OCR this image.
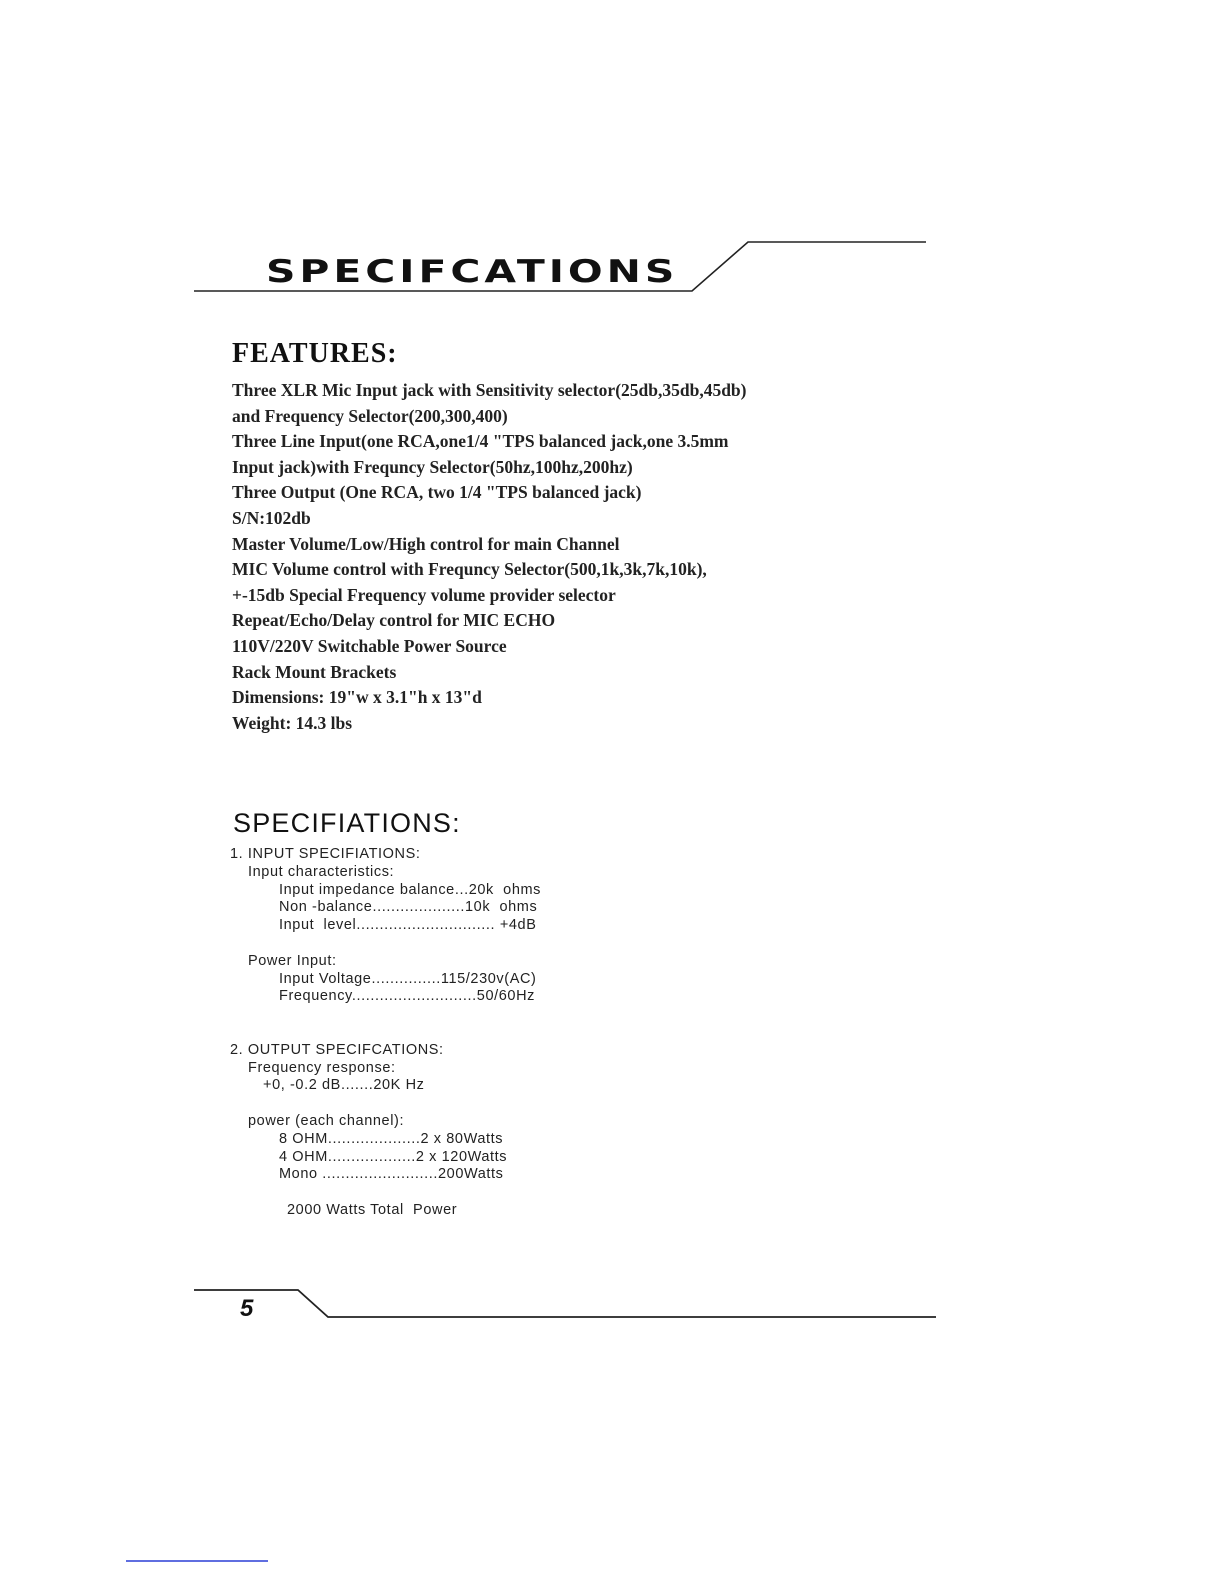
SPECIFCATIONS
FEATURES:
Three XLR Mic Input jack with Sensitivity selector(25db,35db,45db)
and Frequency Selector(200,300,400)
Three Line Input(one RCA,one1/4 "TPS balanced jack,one 3.5mm
Input jack)with Frequncy Selector(50hz,100hz,200hz)
Three Output (One RCA, two 1/4 "TPS balanced jack)
S/N:102db
Master Volume/Low/High control for main Channel
MIC Volume control with Frequncy Selector(500,1k,3k,7k,10k),
+-15db Special Frequency volume provider selector
Repeat/Echo/Delay control for MIC ECHO
110V/220V Switchable Power Source
Rack Mount Brackets
Dimensions: 19"w x 3.1"h x 13"d
Weight: 14.3 lbs
SPECIFIATIONS:
1. INPUT SPECIFIATIONS:
Input characteristics:
Input impedance balance...20k  ohms
Non -balance....................10k  ohms
Input  level.............................. +4dB
Power Input:
Input Voltage...............115/230v(AC)
Frequency...........................50/60Hz
2. OUTPUT SPECIFCATIONS:
Frequency response:
+0, -0.2 dB.......20K Hz
power (each channel):
8 OHM....................2 x 80Watts
4 OHM...................2 x 120Watts
Mono .........................200Watts
2000 Watts Total  Power
5
